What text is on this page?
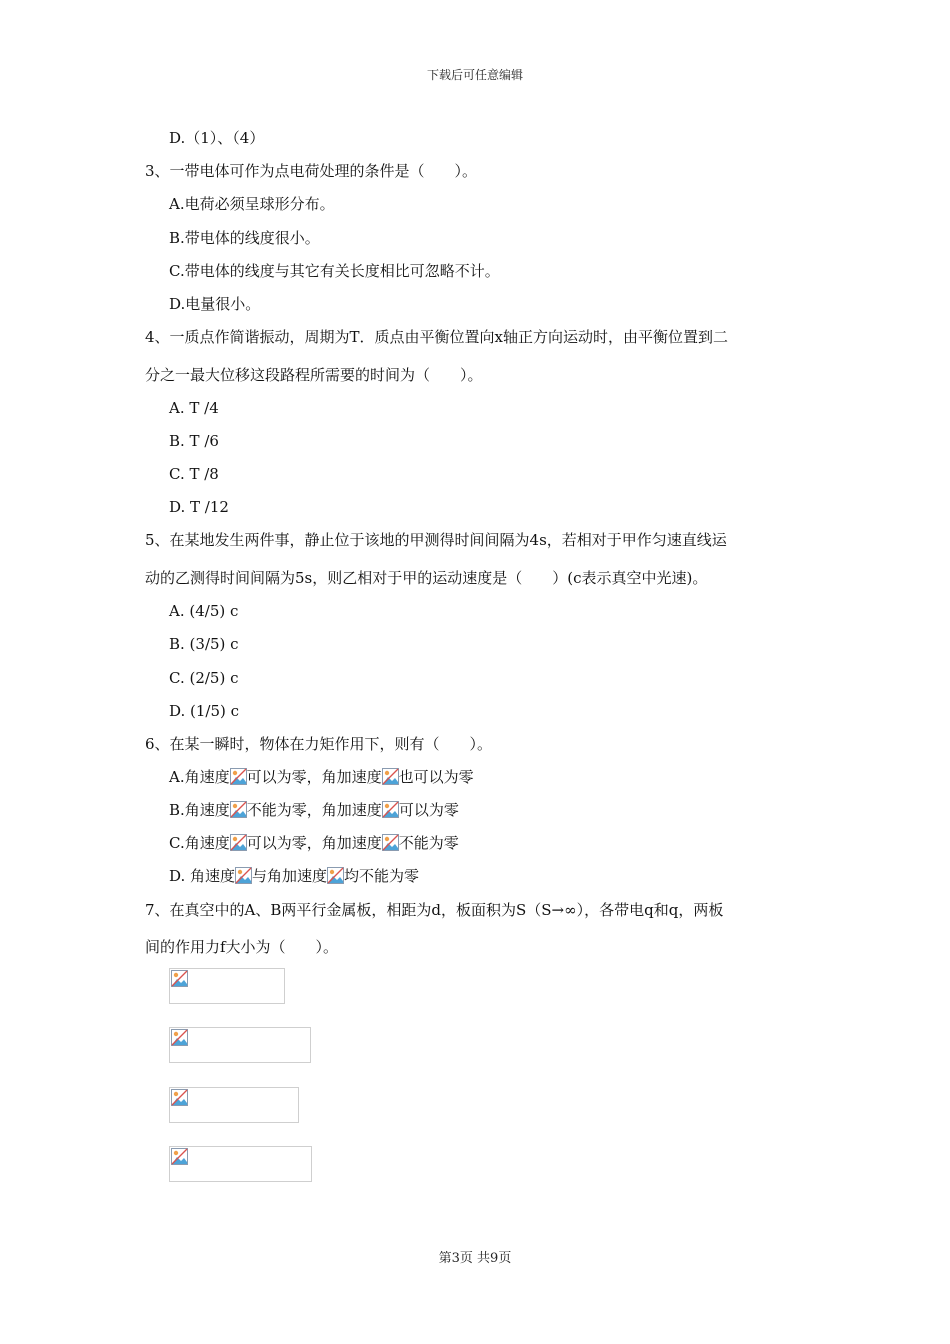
下载后可任意编辑
D.（1）、（4）
3、一带电体可作为点电荷处理的条件是（　　）。
A.电荷必须呈球形分布。
B.带电体的线度很小。
C.带电体的线度与其它有关长度相比可忽略不计。
D.电量很小。
4、一质点作简谐振动，周期为T．质点由平衡位置向x轴正方向运动时，由平衡位置到二
分之一最大位移这段路程所需要的时间为（　　）。
A. T /4
B. T /6
C. T /8
D. T /12
5、在某地发生两件事，静止位于该地的甲测得时间间隔为4s，若相对于甲作匀速直线运
动的乙测得时间间隔为5s，则乙相对于甲的运动速度是（　　）(c表示真空中光速)。
A. (4/5) c
B. (3/5) c
C. (2/5) c
D. (1/5) c
6、在某一瞬时，物体在力矩作用下，则有（　　）。
A.角速度 可以为零，角加速度 也可以为零
B.角速度 不能为零，角加速度 可以为零
C.角速度 可以为零，角加速度 不能为零
D. 角速度 与角加速度 均不能为零
7、在真空中的A、B两平行金属板，相距为d，板面积为S（S→∞），各带电q和q，两板
间的作用力f大小为（　　）。
第3页 共9页
